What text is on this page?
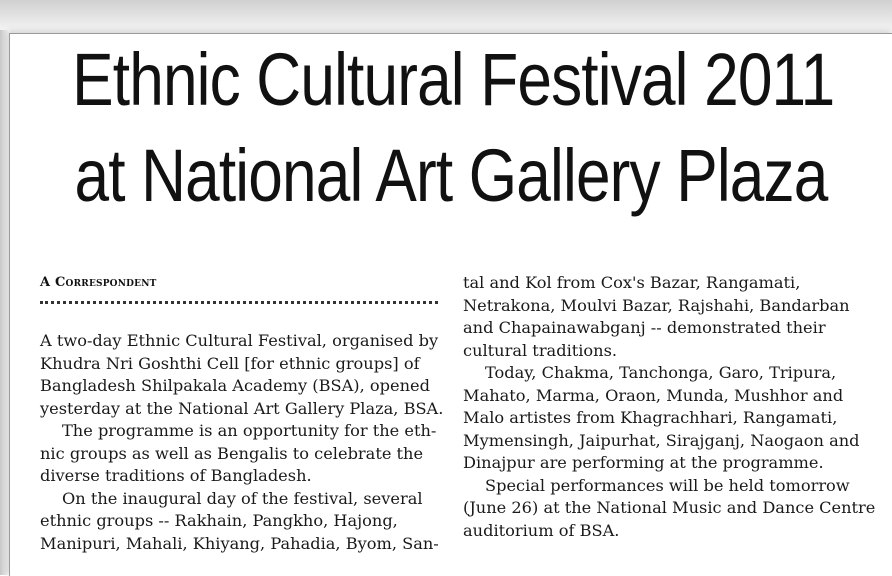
Ethnic Cultural Festival 2011
at National Art Gallery Plaza
A Correspondent

A two-day Ethnic Cultural Festival, organised by
Khudra Nri Goshthi Cell [for ethnic groups] of
Bangladesh Shilpakala Academy (BSA), opened
yesterday at the National Art Gallery Plaza, BSA.

The programme is an opportunity for the eth-
nic groups as well as Bengalis to celebrate the
diverse traditions of Bangladesh.

On the inaugural day of the festival, several
ethnic groups -- Rakhain, Pangkho, Hajong,
Manipuri, Mahali, Khiyang, Pahadia, Byom, San-

tal and Kol from Cox's Bazar, Rangamati,
Netrakona, Moulvi Bazar, Rajshahi, Bandarban
and Chapainawabganj -- demonstrated their
cultural traditions.

Today, Chakma, Tanchonga, Garo, Tripura,
Mahato, Marma, Oraon, Munda, Mushhor and
Malo artistes from Khagrachhari, Rangamati,
Mymensingh, Jaipurhat, Sirajganj, Naogaon and
Dinajpur are performing at the programme.

Special performances will be held tomorrow
(June 26) at the National Music and Dance Centre
auditorium of BSA.
